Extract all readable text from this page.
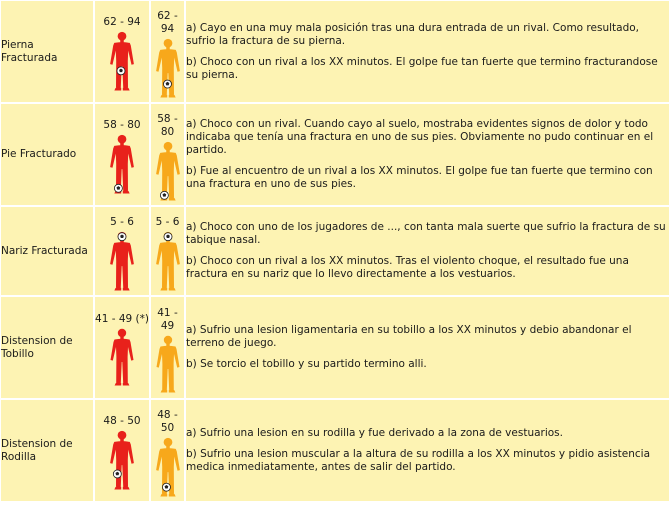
Pierna Fracturada	62 - 94	62 - 94	a) Cayo en una muy mala posición tras una dura entrada de un rival. Como resultado, sufrio la fractura de su pierna.

b) Choco con un rival a los XX minutos. El golpe fue tan fuerte que termino fracturandose su pierna.

Pie Fracturado	58 - 80	58 - 80	a) Choco con un rival. Cuando cayo al suelo, mostraba evidentes signos de dolor y todo indicaba que tenía una fractura en uno de sus pies. Obviamente no pudo continuar en el partido.

b) Fue al encuentro de un rival a los XX minutos. El golpe fue tan fuerte que termino con una fractura en uno de sus pies.

Nariz Fracturada	5 - 6	5 - 6	a) Choco con uno de los jugadores de ..., con tanta mala suerte que sufrio la fractura de su tabique nasal.

b) Choco con un rival a los XX minutos. Tras el violento choque, el resultado fue una fractura en su nariz que lo llevo directamente a los vestuarios.

Distension de Tobillo	41 - 49 (*)	41 - 49	a) Sufrio una lesion ligamentaria en su tobillo a los XX minutos y debio abandonar el terreno de juego.

b) Se torcio el tobillo y su partido termino alli.

Distension de Rodilla	48 - 50	48 - 50	a) Sufrio una lesion en su rodilla y fue derivado a la zona de vestuarios.

b) Sufrio una lesion muscular a la altura de su rodilla a los XX minutos y pidio asistencia medica inmediatamente, antes de salir del partido.
